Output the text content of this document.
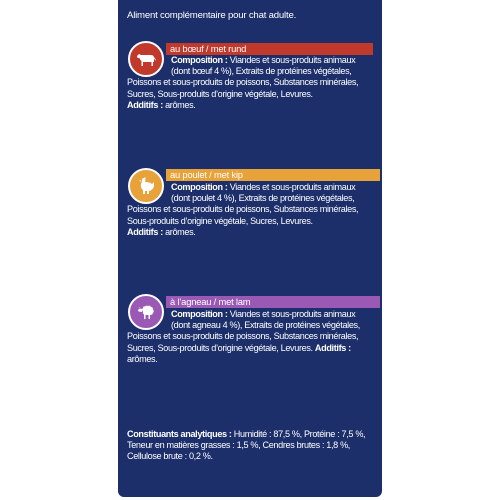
Aliment complémentaire pour chat adulte.
au bœuf / met rund
Composition : Viandes et sous-produits animaux
(dont bœuf 4 %), Extraits de protéines végétales,
Poissons et sous-produits de poissons, Substances minérales, Sucres, Sous-produits d’origine végétale, Levures.
Additifs : arômes.
au poulet / met kip
Composition : Viandes et sous-produits animaux
(dont poulet 4 %), Extraits de protéines végétales,
Poissons et sous-produits de poissons, Substances minérales, Sous-produits d’origine végétale, Sucres, Levures.
Additifs : arômes.
à l’agneau / met lam
Composition : Viandes et sous-produits animaux
(dont agneau 4 %), Extraits de protéines végétales,
Poissons et sous-produits de poissons, Substances minérales, Sucres, Sous-produits d’origine végétale, Levures. Additifs : arômes.
Constituants analytiques : Humidité : 87,5 %, Protéine : 7,5 %, Teneur en matières grasses : 1,5 %, Cendres brutes : 1,8 %, Cellulose brute : 0,2 %.
